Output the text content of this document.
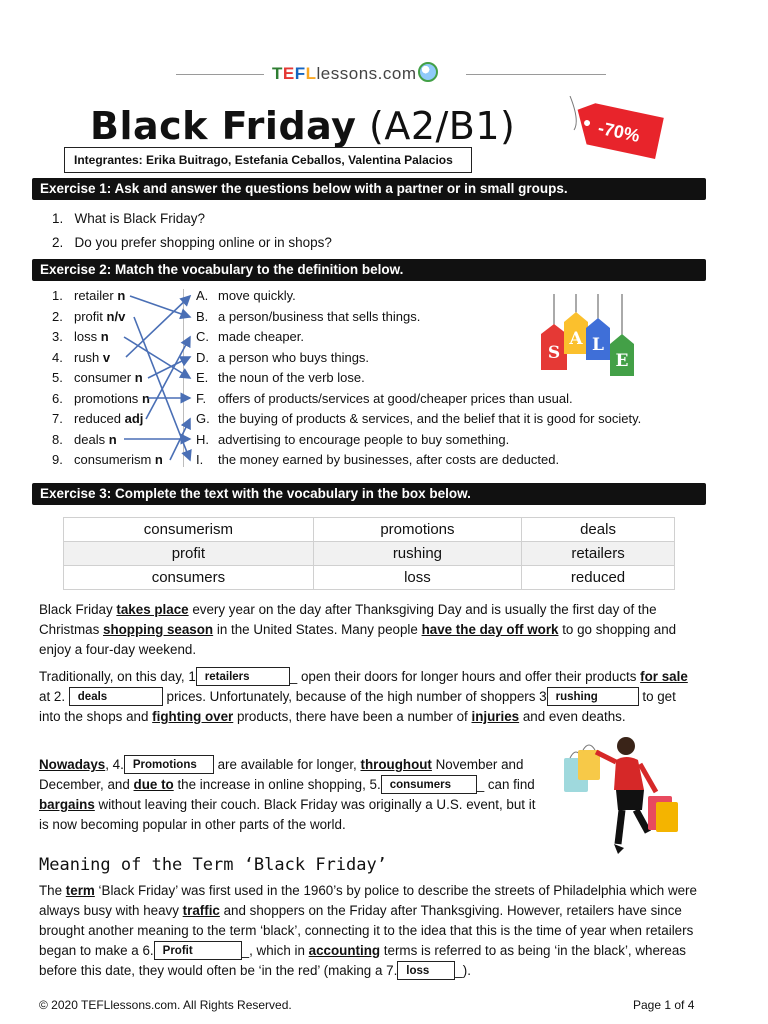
TEFLlessons.com
Black Friday (A2/B1)	-70%
Integrantes: Erika Buitrago, Estefania Ceballos, Valentina Palacios
Exercise 1: Ask and answer the questions below with a partner or in small groups.
1.   What is Black Friday?
2.   Do you prefer shopping online or in shops?
Exercise 2: Match the vocabulary to the definition below.
1. retailer n
2. profit n/v
3. loss n
4. rush v
5. consumer n
6. promotions n
7. reduced adj
8. deals n
9. consumerism n
A. move quickly.
B. a person/business that sells things.
C. made cheaper.
D. a person who buys things.
E. the noun of the verb lose.
F. offers of products/services at good/cheaper prices than usual.
G. the buying of products & services, and the belief that it is good for society.
H. advertising to encourage people to buy something.
I. the money earned by businesses, after costs are deducted.
S
A L
E
Exercise 3: Complete the text with the vocabulary in the box below.
consumerism	promotions	deals
profit	rushing	retailers
consumers	loss	reduced
Black Friday takes place every year on the day after Thanksgiving Day and is usually the first day of the Christmas shopping season in the United States. Many people have the day off work to go shopping and enjoy a four-day weekend.
Traditionally, on this day, 1 retailers	_ open their doors for longer hours and offer their products for sale at 2. deals	prices. Unfortunately, because of the high number of shoppers 3 rushing	to get into the shops and fighting over products, there have been a number of injuries and even deaths.
Nowadays, 4. Promotions are available for longer, throughout November and December, and due to the increase in online shopping, 5. consumers _ can find bargains without leaving their couch. Black Friday was originally a U.S. event, but it is now becoming popular in other parts of the world.
Meaning of the Term ‘Black Friday’
The term ‘Black Friday’ was first used in the 1960’s by police to describe the streets of Philadelphia which were always busy with heavy traffic and shoppers on the Friday after Thanksgiving. However, retailers have since brought another meaning to the term ‘black’, connecting it to the idea that this is the time of year when retailers began to make a 6. Profit	_, which in accounting terms is referred to as being ‘in the black’, whereas before this date, they would often be ‘in the red’ (making a 7. loss _).
© 2020 TEFLlessons.com. All Rights Reserved.	Page 1 of 4
